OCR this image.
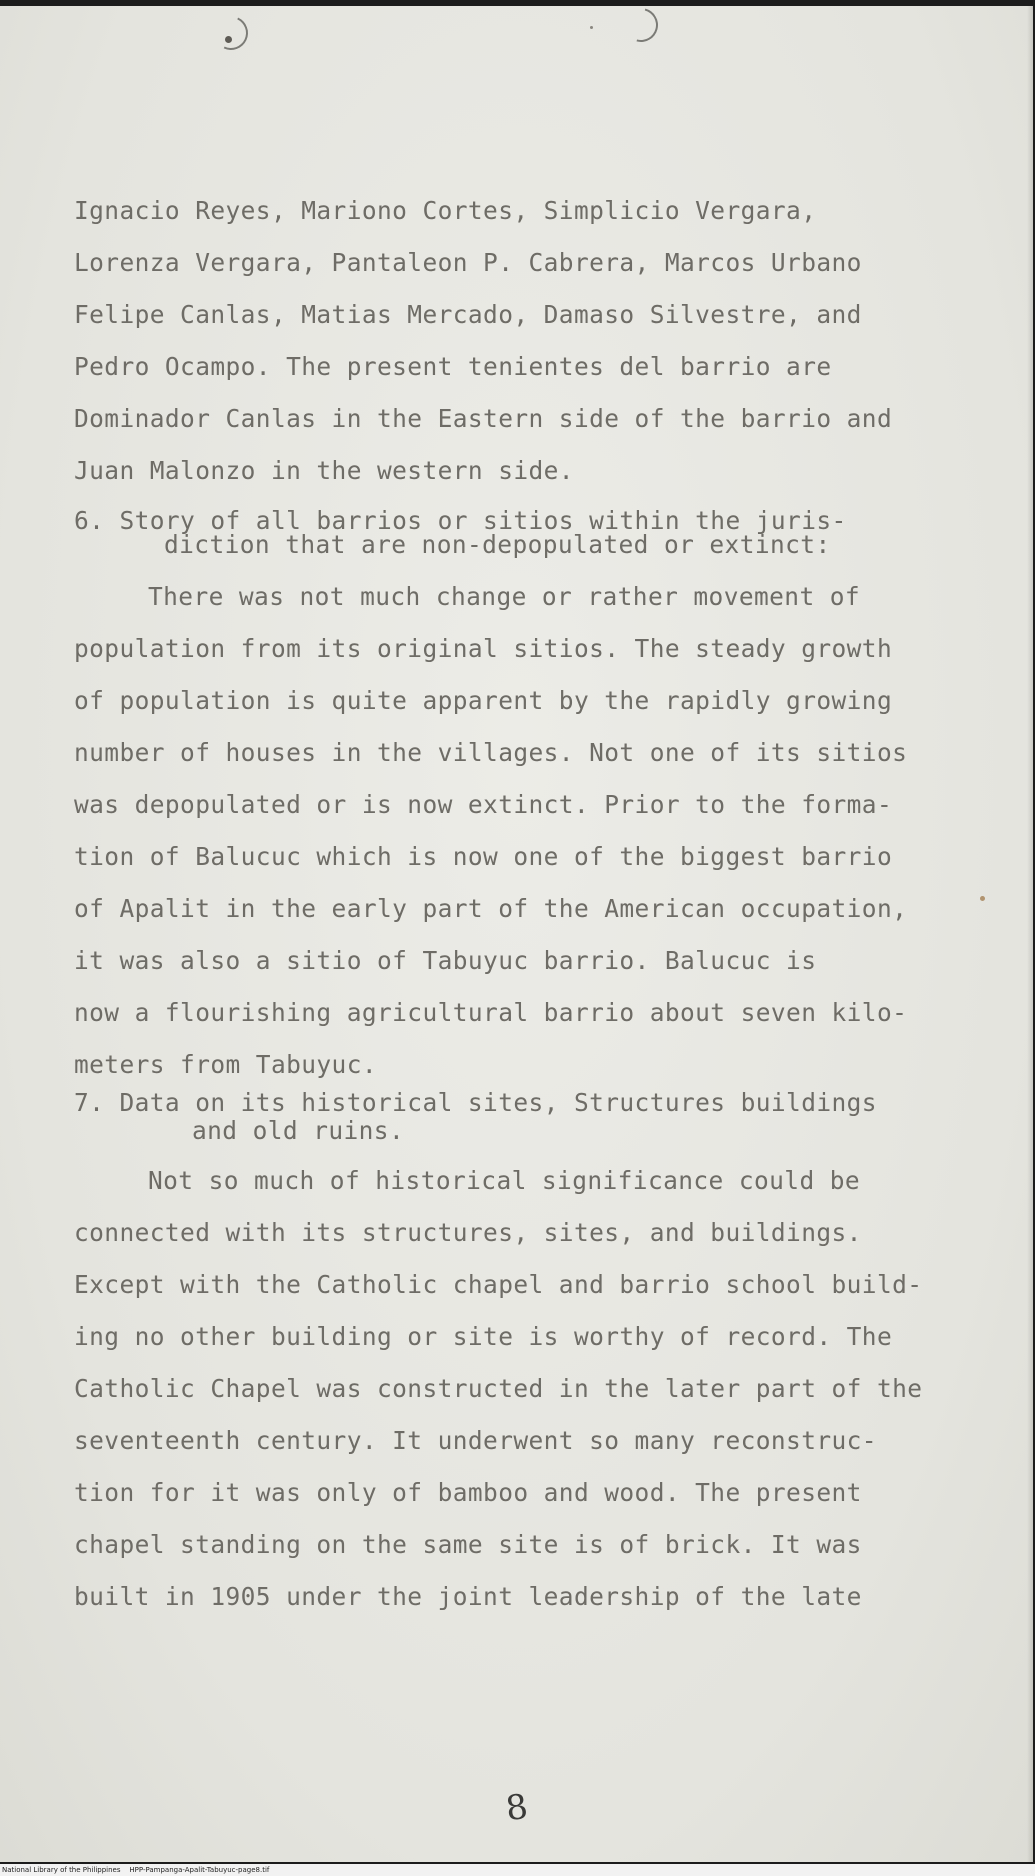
Ignacio Reyes, Mariono Cortes, Simplicio Vergara,

Lorenza Vergara, Pantaleon P. Cabrera, Marcos Urbano

Felipe Canlas, Matias Mercado, Damaso Silvestre, and

Pedro Ocampo. The present tenientes del barrio are

Dominador Canlas in the Eastern side of the barrio and

Juan Malonzo in the western side.

6. Story of all barrios or sitios within the juris-

diction that are non-depopulated or extinct:

There was not much change or rather movement of

population from its original sitios. The steady growth

of population is quite apparent by the rapidly growing

number of houses in the villages. Not one of its sitios

was depopulated or is now extinct. Prior to the forma-

tion of Balucuc which is now one of the biggest barrio

of Apalit in the early part of the American occupation,

it was also a sitio of Tabuyuc barrio. Balucuc is

now a flourishing agricultural barrio about seven kilo-

meters from Tabuyuc.

7. Data on its historical sites, Structures buildings

and old ruins.

Not so much of historical significance could be

connected with its structures, sites, and buildings.

Except with the Catholic chapel and barrio school build-

ing no other building or site is worthy of record. The

Catholic Chapel was constructed in the later part of the

seventeenth century. It underwent so many reconstruc-

tion for it was only of bamboo and wood. The present

chapel standing on the same site is of brick. It was

built in 1905 under the joint leadership of the late

8
National Library of the Philippines    HPP-Pampanga-Apalit-Tabuyuc-page8.tif
